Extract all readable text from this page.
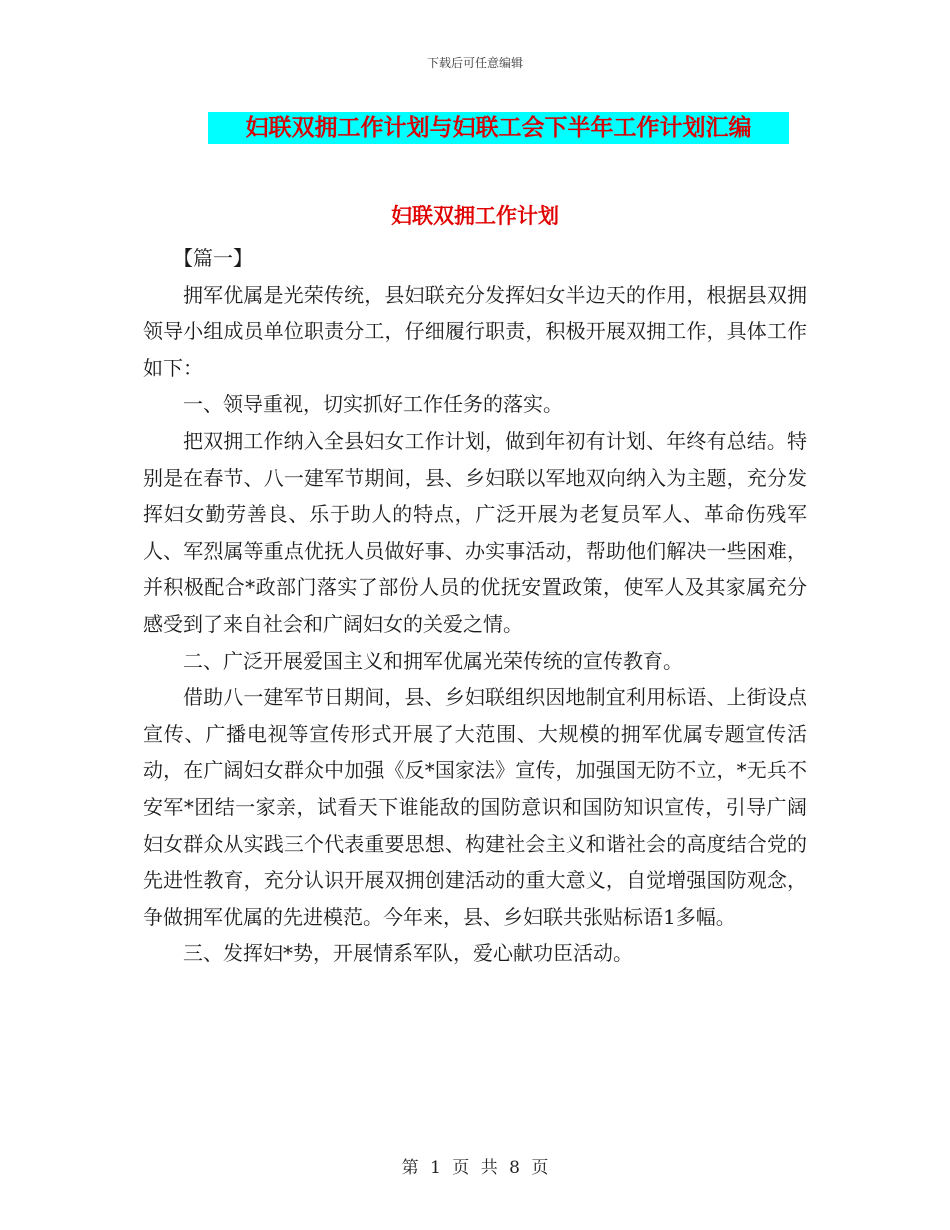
下载后可任意编辑
妇联双拥工作计划与妇联工会下半年工作计划汇编
妇联双拥工作计划

【篇一】

拥军优属是光荣传统，县妇联充分发挥妇女半边天的作用，根据县双拥领导小组成员单位职责分工，仔细履行职责，积极开展双拥工作，具体工作如下：

一、领导重视，切实抓好工作任务的落实。

把双拥工作纳入全县妇女工作计划，做到年初有计划、年终有总结。特别是在春节、八一建军节期间，县、乡妇联以军地双向纳入为主题，充分发挥妇女勤劳善良、乐于助人的特点，广泛开展为老复员军人、革命伤残军人、军烈属等重点优抚人员做好事、办实事活动，帮助他们解决一些困难，并积极配合*政部门落实了部份人员的优抚安置政策，使军人及其家属充分感受到了来自社会和广阔妇女的关爱之情。

二、广泛开展爱国主义和拥军优属光荣传统的宣传教育。

借助八一建军节日期间，县、乡妇联组织因地制宜利用标语、上街设点宣传、广播电视等宣传形式开展了大范围、大规模的拥军优属专题宣传活动，在广阔妇女群众中加强《反*国家法》宣传，加强国无防不立，*无兵不安军*团结一家亲，试看天下谁能敌的国防意识和国防知识宣传，引导广阔妇女群众从实践三个代表重要思想、构建社会主义和谐社会的高度结合党的先进性教育，充分认识开展双拥创建活动的重大意义，自觉增强国防观念，争做拥军优属的先进模范。今年来，县、乡妇联共张贴标语1多幅。

三、发挥妇*势，开展情系军队，爱心献功臣活动。

第 1 页 共 8 页
